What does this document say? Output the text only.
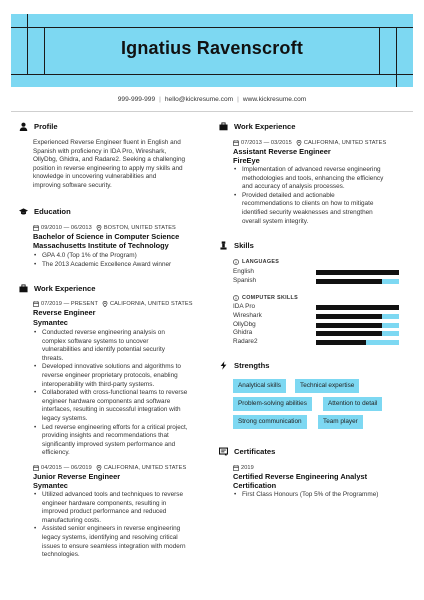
Ignatius Ravenscroft
999-999-999 | hello@kickresume.com | www.kickresume.com
Profile
Experienced Reverse Engineer fluent in English and
Spanish with proficiency in IDA Pro, Wireshark,
OllyDbg, Ghidra, and Radare2. Seeking a challenging
position in reverse engineering to apply my skills and
knowledge in uncovering vulnerabilities and
improving software security.
Education
09/2010 — 06/2013 BOSTON, UNITED STATES
Bachelor of Science in Computer Science
Massachusetts Institute of Technology
• GPA 4.0 (Top 1% of the Program)
• The 2013 Academic Excellence Award winner
Work Experience
07/2019 — PRESENT CALIFORNIA, UNITED STATES
Reverse Engineer
Symantec
• Conducted reverse engineering analysis on
complex software systems to uncover
vulnerabilities and identify potential security
threats.
• Developed innovative solutions and algorithms to
reverse engineer proprietary protocols, enabling
interoperability with third-party systems.
• Collaborated with cross-functional teams to reverse
engineer hardware components and software
interfaces, resulting in successful integration with
legacy systems.
• Led reverse engineering efforts for a critical project,
providing insights and recommendations that
significantly improved system performance and
efficiency.
04/2015 — 06/2019 CALIFORNIA, UNITED STATES
Junior Reverse Engineer
Symantec
• Utilized advanced tools and techniques to reverse
engineer hardware components, resulting in
improved product performance and reduced
manufacturing costs.
• Assisted senior engineers in reverse engineering
legacy systems, identifying and resolving critical
issues to ensure seamless integration with modern
technologies.
Work Experience
07/2013 — 03/2015 CALIFORNIA, UNITED STATES
Assistant Reverse Engineer
FireEye
• Implementation of advanced reverse engineering
methodologies and tools, enhancing the efficiency
and accuracy of analysis processes.
• Provided detailed and actionable
recommendations to clients on how to mitigate
identified security weaknesses and strengthen
overall system integrity.
Skills
LANGUAGES
English
Spanish
COMPUTER SKILLS
IDA Pro
Wireshark
OllyDbg
Ghidra
Radare2
Strengths
Analytical skills	Technical expertise
Problem-solving abilities	Attention to detail
Strong communication	Team player
Certificates
2019
Certified Reverse Engineering Analyst
Certification
• First Class Honours (Top 5% of the Programme)
